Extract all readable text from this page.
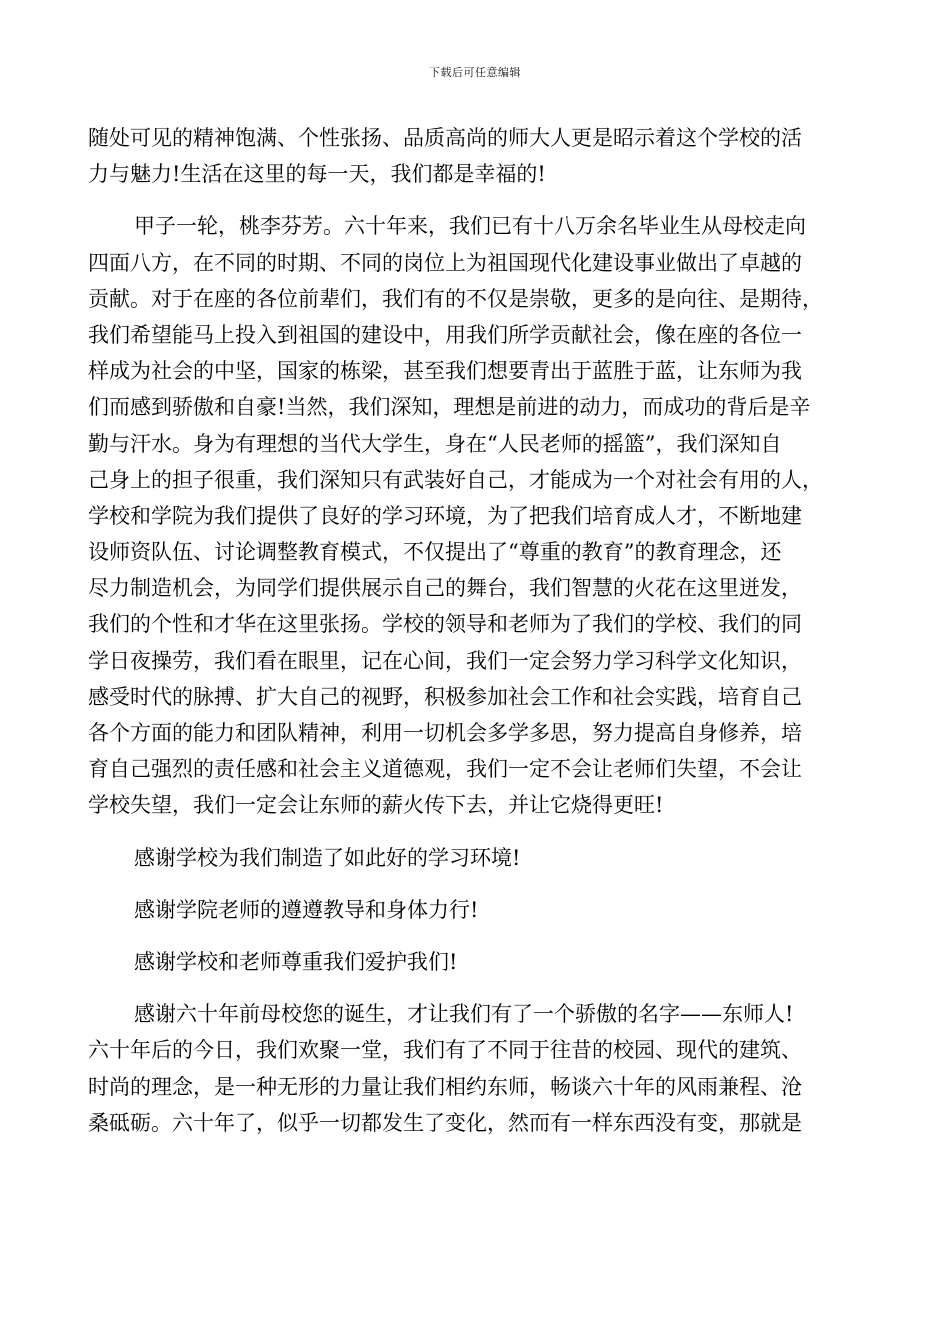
下载后可任意编辑

随处可见的精神饱满、个性张扬、品质高尚的师大人更是昭示着这个学校的活
力与魅力!生活在这里的每一天，我们都是幸福的!

甲子一轮，桃李芬芳。六十年来，我们已有十八万余名毕业生从母校走向
四面八方，在不同的时期、不同的岗位上为祖国现代化建设事业做出了卓越的
贡献。对于在座的各位前辈们，我们有的不仅是崇敬，更多的是向往、是期待，
我们希望能马上投入到祖国的建设中，用我们所学贡献社会，像在座的各位一
样成为社会的中坚，国家的栋梁，甚至我们想要青出于蓝胜于蓝，让东师为我
们而感到骄傲和自豪!当然，我们深知，理想是前进的动力，而成功的背后是辛
勤与汗水。身为有理想的当代大学生，身在“人民老师的摇篮”，我们深知自
己身上的担子很重，我们深知只有武装好自己，才能成为一个对社会有用的人，
学校和学院为我们提供了良好的学习环境，为了把我们培育成人才，不断地建
设师资队伍、讨论调整教育模式，不仅提出了“尊重的教育”的教育理念，还
尽力制造机会，为同学们提供展示自己的舞台，我们智慧的火花在这里迸发，
我们的个性和才华在这里张扬。学校的领导和老师为了我们的学校、我们的同
学日夜操劳，我们看在眼里，记在心间，我们一定会努力学习科学文化知识，
感受时代的脉搏、扩大自己的视野，积极参加社会工作和社会实践，培育自己
各个方面的能力和团队精神，利用一切机会多学多思，努力提高自身修养，培
育自己强烈的责任感和社会主义道德观，我们一定不会让老师们失望，不会让
学校失望，我们一定会让东师的薪火传下去，并让它烧得更旺!

感谢学校为我们制造了如此好的学习环境!

感谢学院老师的遵遵教导和身体力行!

感谢学校和老师尊重我们爱护我们!

感谢六十年前母校您的诞生，才让我们有了一个骄傲的名字——东师人!
六十年后的今日，我们欢聚一堂，我们有了不同于往昔的校园、现代的建筑、
时尚的理念，是一种无形的力量让我们相约东师，畅谈六十年的风雨兼程、沧
桑砥砺。六十年了，似乎一切都发生了变化，然而有一样东西没有变，那就是
